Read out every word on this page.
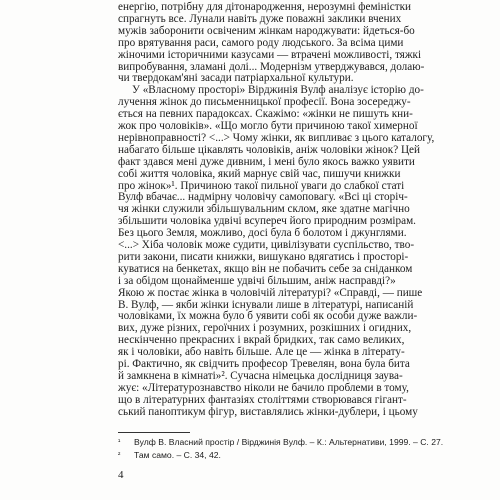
енергію, потрібну для дітонародження, нерозумні феміністки
спрагнуть все. Лунали навіть дуже поважні заклики вчених
мужів заборонити освіченим жінкам народжувати: йдеться-бо
про врятування раси, самого роду людського. За всіма цими
жіночими історичними казусами — втрачені можливості, тяжкі
випробування, зламані долі... Модернізм утверджувався, долаю-
чи твердокам'яні засади патріархальної культури.
У «Власному просторі» Вірджинія Вулф аналізує історію до-
лучення жінок до письменницької професії. Вона зосереджу-
ється на певних парадоксах. Скажімо: «жінки не пишуть кни-
жок про чоловіків». «Що могло бути причиною такої химерної
нерівноправності? <...> Чому жінки, як випливає з цього каталогу,
набагато більше цікавлять чоловіків, аніж чоловіки жінок? Цей
факт здався мені дуже дивним, і мені було якось важко уявити
собі життя чоловіка, який марнує свій час, пишучи книжки
про жінок»¹. Причиною такої пильної уваги до слабкої статі
Вулф вбачає... надмірну чоловічу самоповагу. «Всі ці сторіч-
чя жінки служили збільшувальним склом, яке здатне магічно
збільшити чоловіка удвічі всупереч його природним розмірам.
Без цього Земля, можливо, досі була б болотом і джунглями.
<...> Хіба чоловік може судити, цивілізувати суспільство, тво-
рити закони, писати книжки, вишукано вдягатись і просторі-
куватися на бенкетах, якщо він не побачить себе за сніданком
і за обідом щонайменше удвічі більшим, аніж насправді?»
Якою ж постає жінка в чоловічій літературі? «Справді, — пише
В. Вулф, — якби жінки існували лише в літературі, написаній
чоловіками, їх можна було б уявити собі як особи дуже важли-
вих, дуже різних, героїчних і розумних, розкішних і огидних,
нескінченно прекрасних і вкрай бридких, так само великих,
як і чоловіки, або навіть більше. Але це — жінка в літерату-
рі. Фактично, як свідчить професор Тревелян, вона була бита
й замкнена в кімнаті»². Сучасна німецька дослідниця заува-
жує: «Літературознавство ніколи не бачило проблеми в тому,
що в літературних фантазіях століттями створювався гігант-
ський паноптикум фігур, виставлялись жінки-дублери, і цьому
¹ Вулф В. Власний простір / Вірджинія Вулф. – К.: Альтернативи, 1999. – С. 27.
² Там само. – С. 34, 42.
4
